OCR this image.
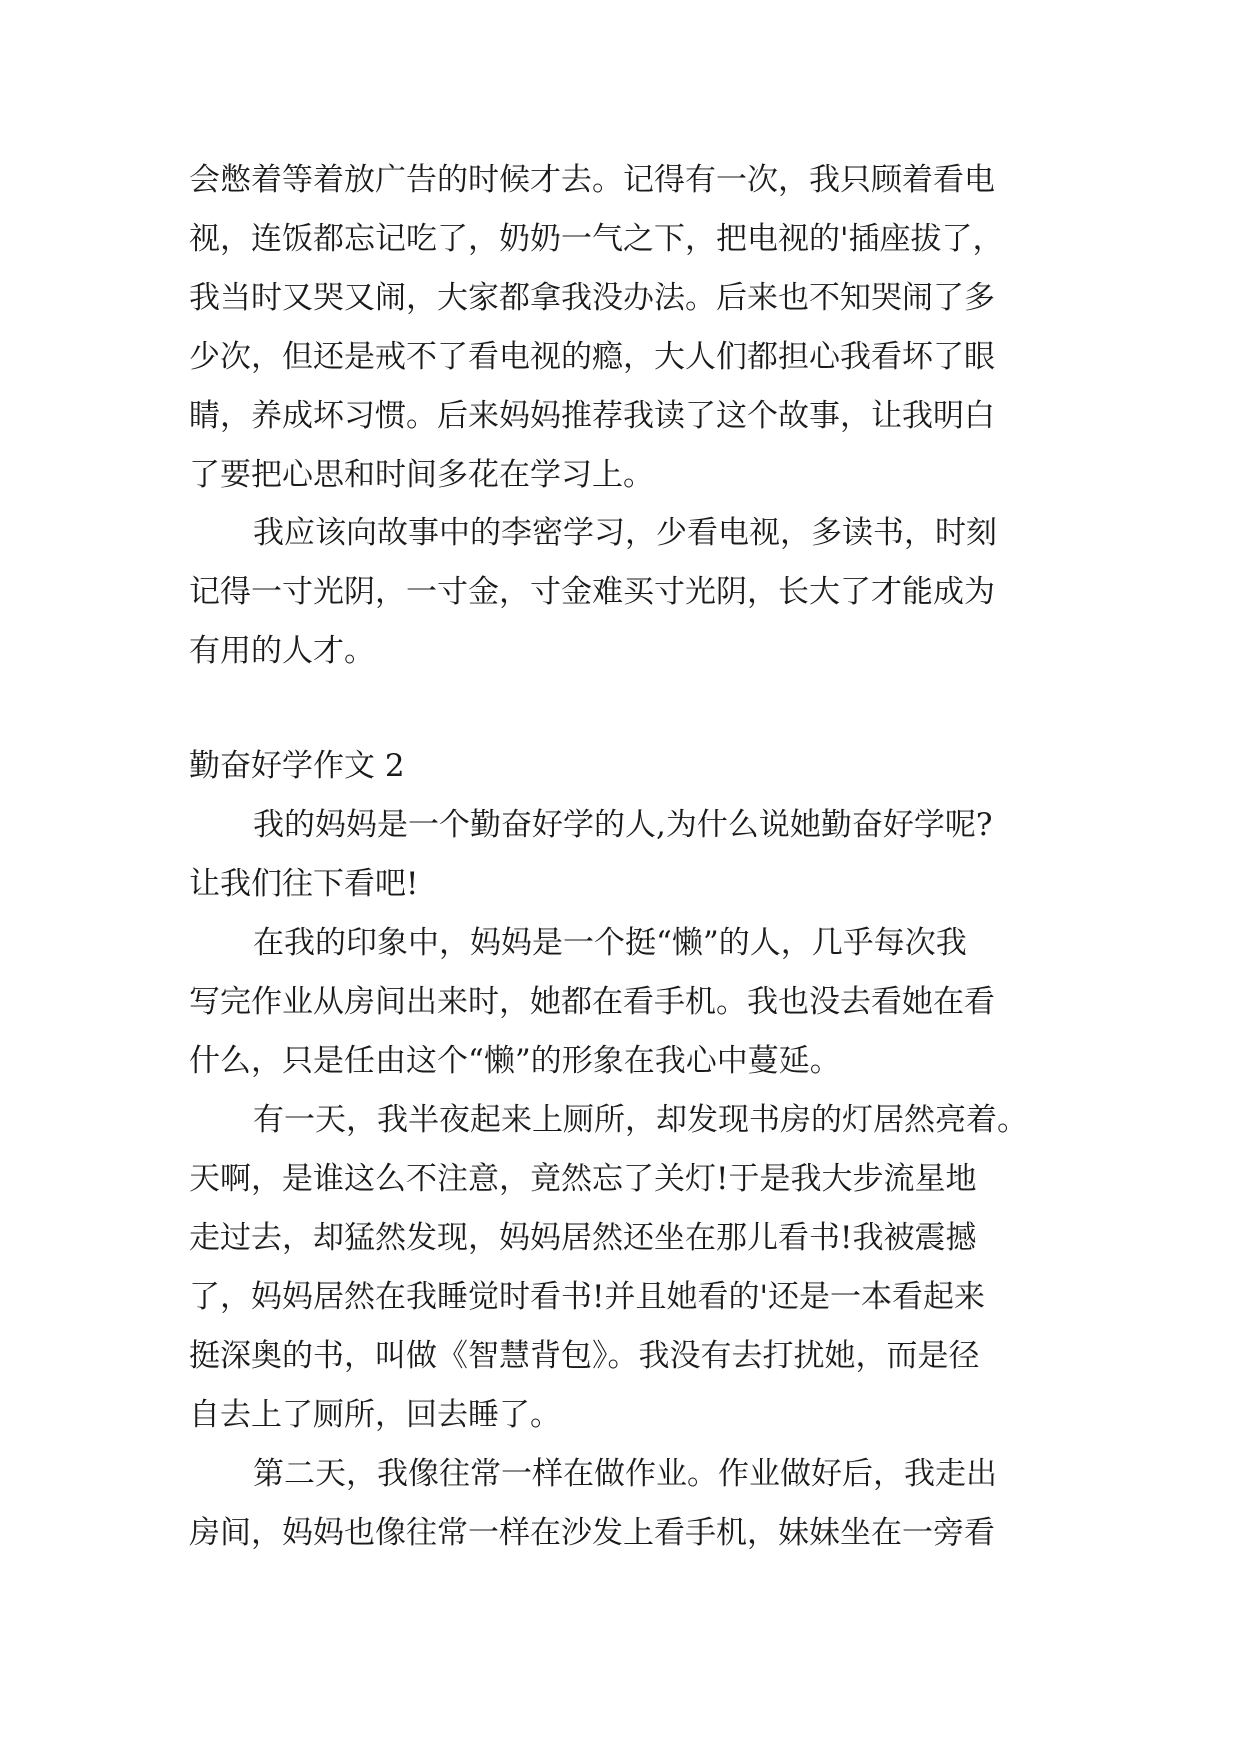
会憋着等着放广告的时候才去。记得有一次，我只顾着看电
视，连饭都忘记吃了，奶奶一气之下，把电视的'插座拔了，
我当时又哭又闹，大家都拿我没办法。后来也不知哭闹了多
少次，但还是戒不了看电视的瘾，大人们都担心我看坏了眼
睛，养成坏习惯。后来妈妈推荐我读了这个故事，让我明白
了要把心思和时间多花在学习上。
我应该向故事中的李密学习，少看电视，多读书，时刻
记得一寸光阴，一寸金，寸金难买寸光阴，长大了才能成为
有用的人才。
勤奋好学作文 2
我的妈妈是一个勤奋好学的人,为什么说她勤奋好学呢?
让我们往下看吧!
在我的印象中，妈妈是一个挺“懒”的人，几乎每次我
写完作业从房间出来时，她都在看手机。我也没去看她在看
什么，只是任由这个“懒”的形象在我心中蔓延。
有一天，我半夜起来上厕所，却发现书房的灯居然亮着。
天啊，是谁这么不注意，竟然忘了关灯!于是我大步流星地
走过去，却猛然发现，妈妈居然还坐在那儿看书!我被震撼
了，妈妈居然在我睡觉时看书!并且她看的'还是一本看起来
挺深奥的书，叫做《智慧背包》。我没有去打扰她，而是径
自去上了厕所，回去睡了。
第二天，我像往常一样在做作业。作业做好后，我走出
房间，妈妈也像往常一样在沙发上看手机，妹妹坐在一旁看
